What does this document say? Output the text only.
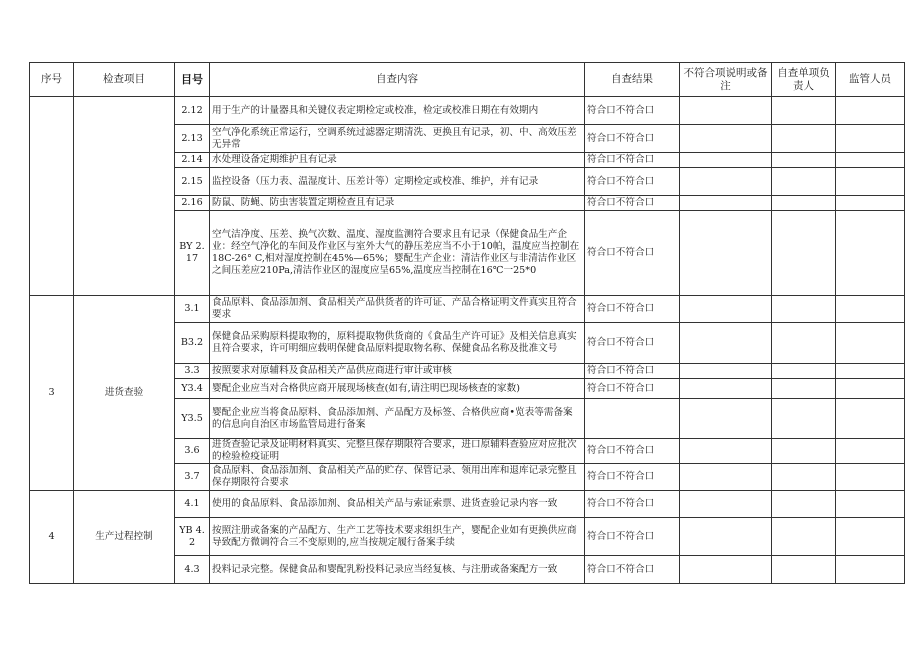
序号	检查项目	目号	自查内容	自查结果	不符合项说明或备注	自查单项负责人	监管人员
		2.12	用于生产的计量器具和关键仪表定期检定或校准，检定或校准日期在有效期内	符合口不符合口			
		2.13	空气净化系统正常运行，空调系统过滤器定期清洗、更换且有记录，初、中、高效压差无异常	符合口不符合口			
		2.14	水处理设备定期维护且有记录	符合口不符合口			
		2.15	监控设备（压力表、温湿度计、压差计等）定期检定或校准、维护，并有记录	符合口不符合口			
		2.16	防鼠、防蝇、防虫害装置定期检查且有记录	符合口不符合口			
		BY 2.17	空气洁净度、压差、换气次数、温度、湿度监测符合要求且有记录（保健食品生产企业：经空气净化的车间及作业区与室外大气的静压差应当不小于10帕，温度应当控制在18C-26° C,相对湿度控制在45%—65%；婴配生产企业：清洁作业区与非清洁作业区之间压差应210Pa,清洁作业区的湿度应呈65%,温度应当控制在16℃一25*0	符合口不符合口			
3	进货查验	3.1	食品原料、食品添加剂、食品相关产品供货者的许可证、产品合格证明文件真实且符合要求	符合口不符合口			
		B3.2	保健食品采购原料提取物的，原料提取物供货商的《食品生产许可证》及相关信息真实且符合要求，许可明细应载明保健食品原料提取物名称、保健食品名称及批准文号	符合口不符合口			
		3.3	按照要求对原辅料及食品相关产品供应商进行审计或审核	符合口不符合口			
		Y3.4	婴配企业应当对合格供应商开展现场核查(如有,请注明巴现场核查的家数)	符合口不符合口			
		Y3.5	婴配企业应当将食品原料、食品添加剂、产品配方及标签、合格供应商•览表等需备案的信息向自治区市场监管局进行备案				
		3.6	进货查验记录及证明材料真实、完整旦保存期限符合要求，进口原辅料查验应对应批次的检验检疫证明	符合口不符合口			
		3.7	食品原料、食品添加剂、食品相关产品的贮存、保管记录、领用出库和退库记录完整且保存期限符合要求	符合口不符合口			
4	生产过程控制	4.1	使用的食品原料、食品添加剂、食品相关产品与索证索票、进货查验记录内容一致	符合口不符合口			
		YB 4.2	按照注册或备案的产品配方、生产工艺等技术要求组织生产，婴配企业如有更换供应商导致配方微调符合三不变原则的,应当按规定履行备案手续	符合口不符合口			
		4.3	投料记录完整。保健食品和婴配乳粉投料记录应当经复核、与注册或备案配方一致	符合口不符合口			
